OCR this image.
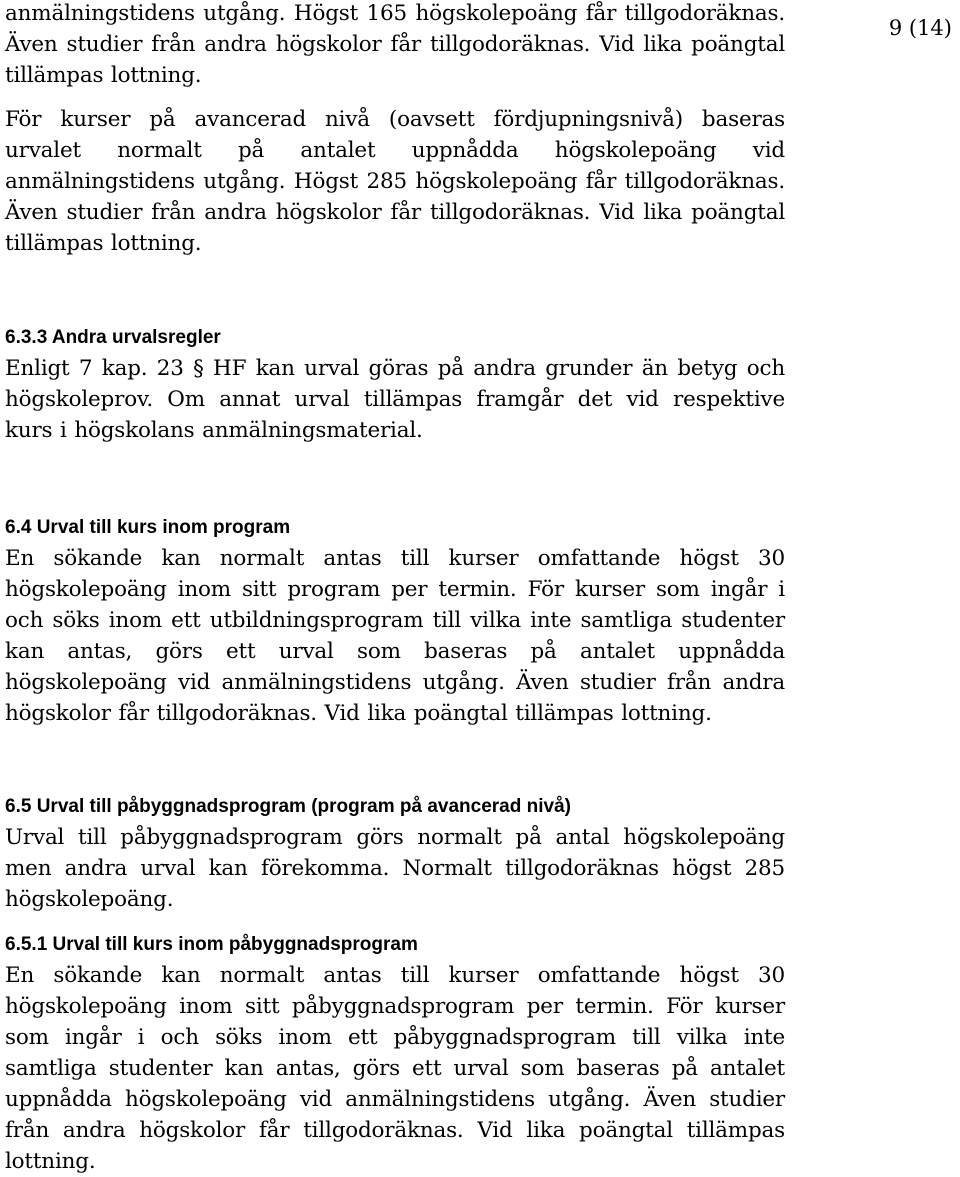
9 (14)

anmälningstidens utgång. Högst 165 högskolepoäng får tillgodoräknas. Även studier från andra högskolor får tillgodoräknas. Vid lika poängtal tillämpas lottning.

För kurser på avancerad nivå (oavsett fördjupningsnivå) baseras urvalet normalt på antalet uppnådda högskolepoäng vid anmälningstidens utgång. Högst 285 högskolepoäng får tillgodoräknas. Även studier från andra högskolor får tillgodoräknas. Vid lika poängtal tillämpas lottning.

6.3.3 Andra urvalsregler

Enligt 7 kap. 23 § HF kan urval göras på andra grunder än betyg och högskoleprov. Om annat urval tillämpas framgår det vid respektive kurs i högskolans anmälningsmaterial.

6.4 Urval till kurs inom program

En sökande kan normalt antas till kurser omfattande högst 30 högskolepoäng inom sitt program per termin. För kurser som ingår i och söks inom ett utbildningsprogram till vilka inte samtliga studenter kan antas, görs ett urval som baseras på antalet uppnådda högskolepoäng vid anmälningstidens utgång. Även studier från andra högskolor får tillgodoräknas. Vid lika poängtal tillämpas lottning.

6.5 Urval till påbyggnadsprogram (program på avancerad nivå)

Urval till påbyggnadsprogram görs normalt på antal högskolepoäng men andra urval kan förekomma. Normalt tillgodoräknas högst 285 högskolepoäng.

6.5.1 Urval till kurs inom påbyggnadsprogram

En sökande kan normalt antas till kurser omfattande högst 30 högskolepoäng inom sitt påbyggnadsprogram per termin. För kurser som ingår i och söks inom ett påbyggnadsprogram till vilka inte samtliga studenter kan antas, görs ett urval som baseras på antalet uppnådda högskolepoäng vid anmälningstidens utgång. Även studier från andra högskolor får tillgodoräknas. Vid lika poängtal tillämpas lottning.
